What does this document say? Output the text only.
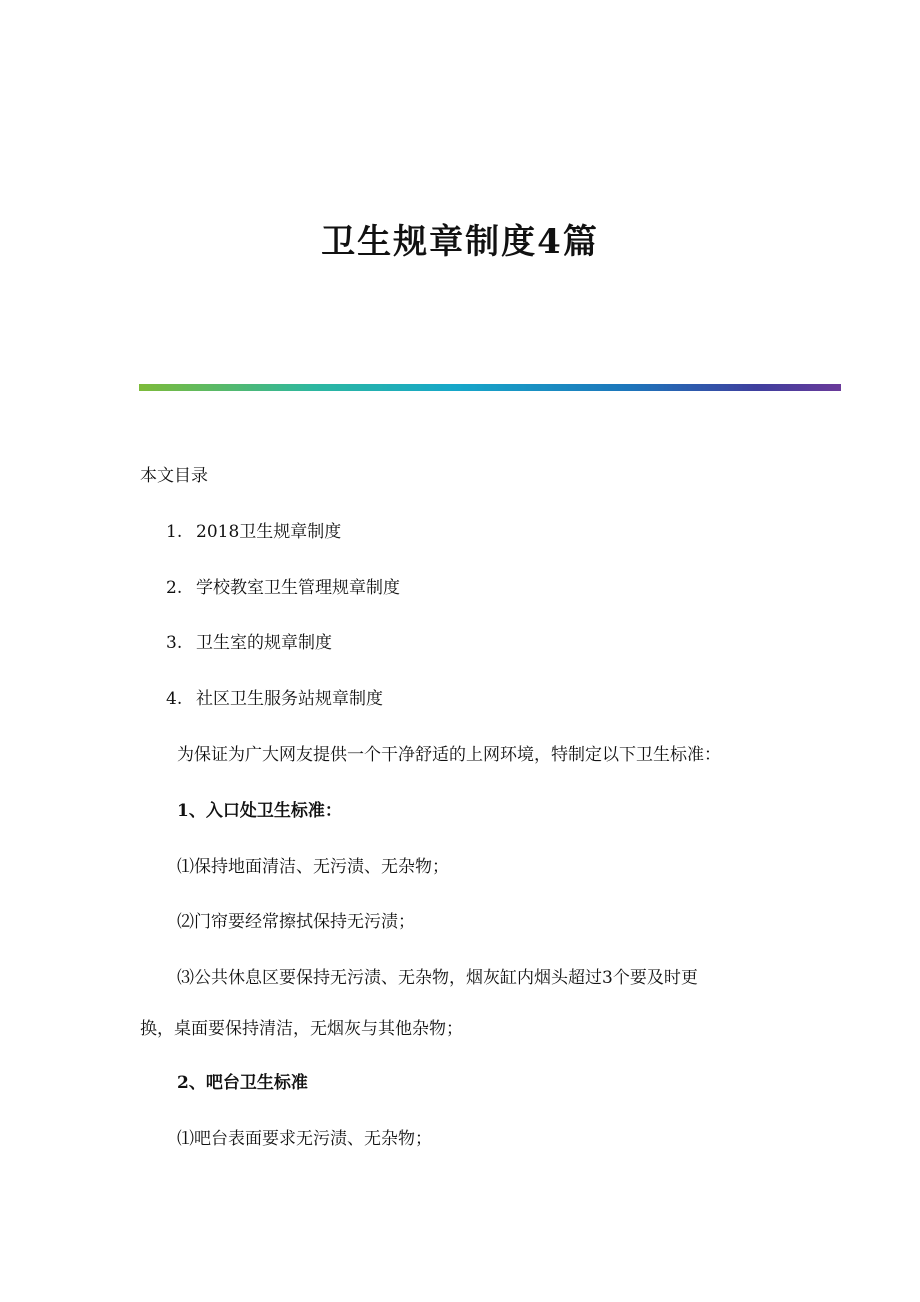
卫生规章制度4篇

本文目录

1. 2018卫生规章制度

2. 学校教室卫生管理规章制度

3. 卫生室的规章制度

4. 社区卫生服务站规章制度

为保证为广大网友提供一个干净舒适的上网环境，特制定以下卫生标准：

1、入口处卫生标准：

⑴保持地面清洁、无污渍、无杂物；

⑵门帘要经常擦拭保持无污渍；

⑶公共休息区要保持无污渍、无杂物，烟灰缸内烟头超过3个要及时更

换，桌面要保持清洁，无烟灰与其他杂物；

2、吧台卫生标准

⑴吧台表面要求无污渍、无杂物；
